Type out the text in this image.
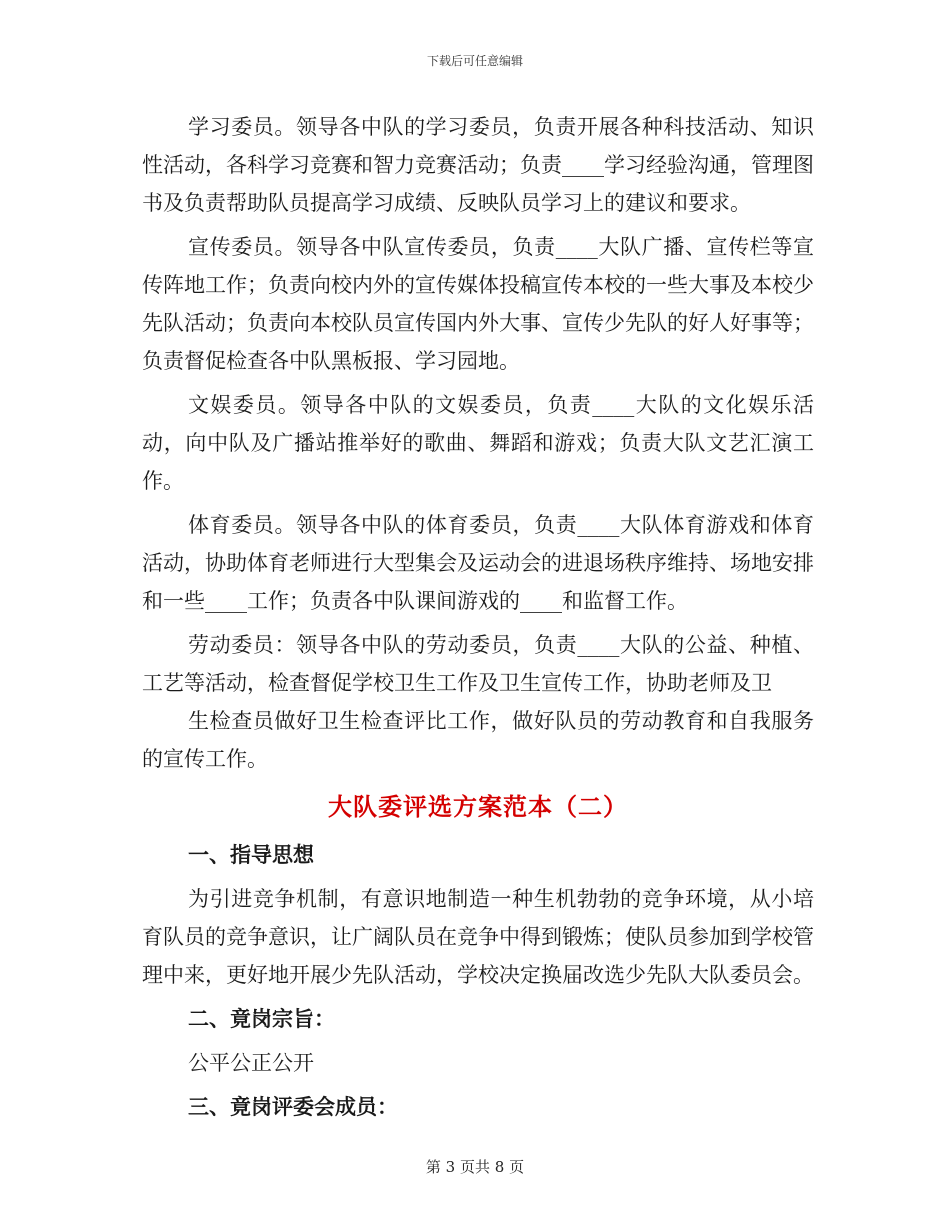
下载后可任意编辑

学习委员。领导各中队的学习委员，负责开展各种科技活动、知识性活动，各科学习竞赛和智力竞赛活动；负责____学习经验沟通，管理图书及负责帮助队员提高学习成绩、反映队员学习上的建议和要求。

宣传委员。领导各中队宣传委员，负责____大队广播、宣传栏等宣传阵地工作；负责向校内外的宣传媒体投稿宣传本校的一些大事及本校少先队活动；负责向本校队员宣传国内外大事、宣传少先队的好人好事等；负责督促检查各中队黑板报、学习园地。

文娱委员。领导各中队的文娱委员，负责____大队的文化娱乐活动，向中队及广播站推举好的歌曲、舞蹈和游戏；负责大队文艺汇演工作。

体育委员。领导各中队的体育委员，负责____大队体育游戏和体育活动，协助体育老师进行大型集会及运动会的进退场秩序维持、场地安排和一些____工作；负责各中队课间游戏的____和监督工作。

劳动委员：领导各中队的劳动委员，负责____大队的公益、种植、工艺等活动，检查督促学校卫生工作及卫生宣传工作，协助老师及卫

生检查员做好卫生检查评比工作，做好队员的劳动教育和自我服务的宣传工作。

大队委评选方案范本（二）
一、指导思想

为引进竞争机制，有意识地制造一种生机勃勃的竞争环境，从小培育队员的竞争意识，让广阔队员在竞争中得到锻炼；使队员参加到学校管理中来，更好地开展少先队活动，学校决定换届改选少先队大队委员会。

二、竟岗宗旨：
公平公正公开
三、竟岗评委会成员：
第 3 页共 8 页
